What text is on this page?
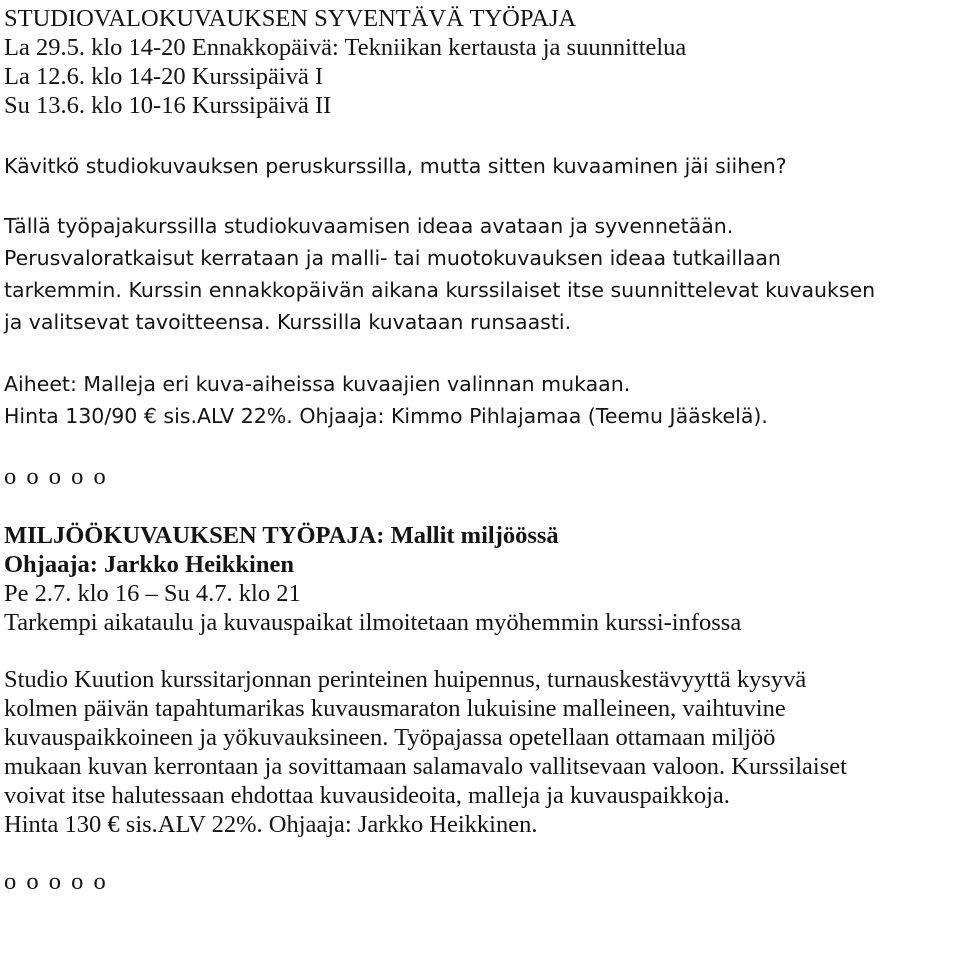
STUDIOVALOKUVAUKSEN SYVENTÄVÄ TYÖPAJA
La 29.5. klo 14-20 Ennakkopäivä: Tekniikan kertausta ja suunnittelua
La 12.6. klo 14-20 Kurssipäivä I
Su 13.6. klo 10-16 Kurssipäivä II
Kävitkö studiokuvauksen peruskurssilla, mutta sitten kuvaaminen jäi siihen?
Tällä työpajakurssilla studiokuvaamisen ideaa avataan ja syvennetään.
Perusvaloratkaisut kerrataan ja malli- tai muotokuvauksen ideaa tutkaillaan
tarkemmin. Kurssin ennakkopäivän aikana kurssilaiset itse suunnittelevat kuvauksen
ja valitsevat tavoitteensa. Kurssilla kuvataan runsaasti.
Aiheet: Malleja eri kuva-aiheissa kuvaajien valinnan mukaan.
Hinta 130/90 € sis.ALV 22%. Ohjaaja: Kimmo Pihlajamaa (Teemu Jääskelä).
o o o o o
MILJÖÖKUVAUKSEN TYÖPAJA: Mallit miljöössä
Ohjaaja: Jarkko Heikkinen
Pe 2.7. klo 16 – Su 4.7. klo 21
Tarkempi aikataulu ja kuvauspaikat ilmoitetaan myöhemmin kurssi-infossa
Studio Kuution kurssitarjonnan perinteinen huipennus, turnauskestävyyttä kysyvä
kolmen päivän tapahtumarikas kuvausmaraton lukuisine malleineen, vaihtuvine
kuvauspaikkoineen ja yökuvauksineen. Työpajassa opetellaan ottamaan miljöö
mukaan kuvan kerrontaan ja sovittamaan salamavalo vallitsevaan valoon. Kurssilaiset
voivat itse halutessaan ehdottaa kuvausideoita, malleja ja kuvauspaikkoja.
Hinta 130 € sis.ALV 22%. Ohjaaja: Jarkko Heikkinen.
o o o o o
